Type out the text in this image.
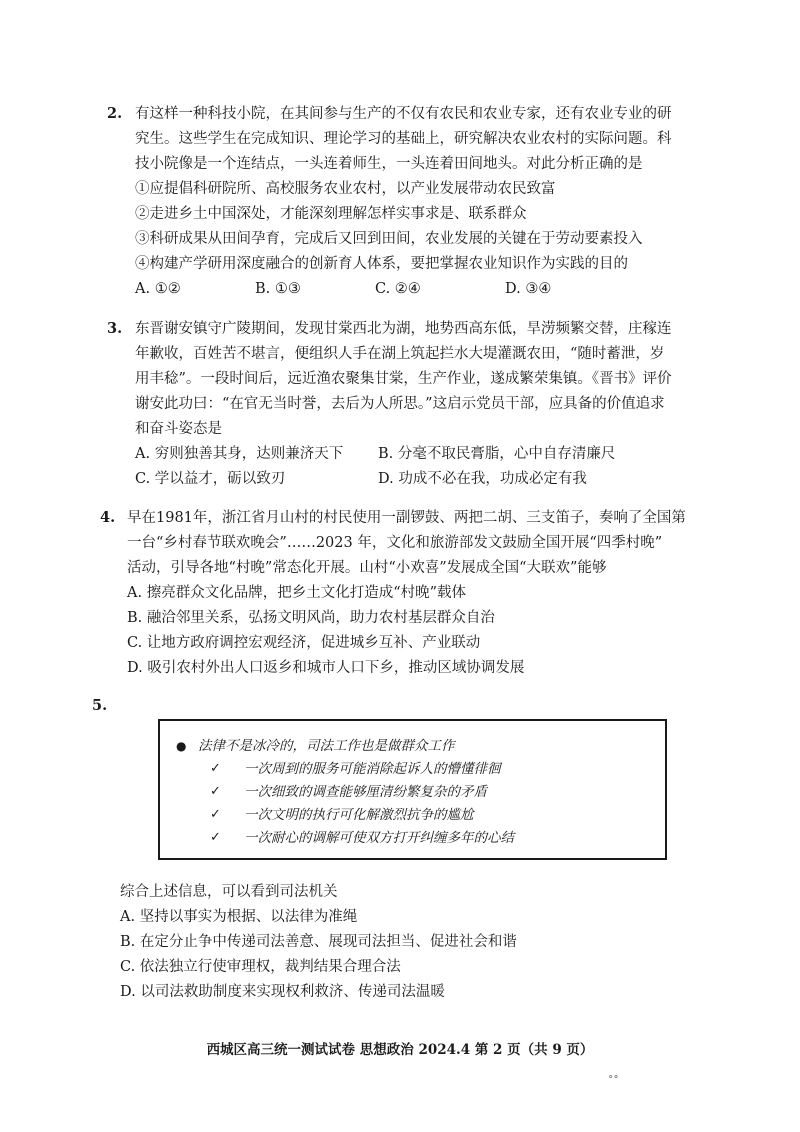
2. 有这样一种科技小院，在其间参与生产的不仅有农民和农业专家，还有农业专业的研
究生。这些学生在完成知识、理论学习的基础上，研究解决农业农村的实际问题。科
技小院像是一个连结点，一头连着师生，一头连着田间地头。对此分析正确的是
①应提倡科研院所、高校服务农业农村，以产业发展带动农民致富
②走进乡土中国深处，才能深刻理解怎样实事求是、联系群众
③科研成果从田间孕育，完成后又回到田间，农业发展的关键在于劳动要素投入
④构建产学研用深度融合的创新育人体系，要把掌握农业知识作为实践的目的
A. ①②	B. ①③	C. ②④	D. ③④
3. 东晋谢安镇守广陵期间，发现甘棠西北为湖，地势西高东低，旱涝频繁交替，庄稼连
年歉收，百姓苦不堪言，便组织人手在湖上筑起拦水大堤灌溉农田，“随时蓄泄，岁
用丰稔”。一段时间后，远近渔农聚集甘棠，生产作业，遂成繁荣集镇。《晋书》评价
谢安此功曰：“在官无当时誉，去后为人所思。”这启示党员干部，应具备的价值追求
和奋斗姿态是
A. 穷则独善其身，达则兼济天下 B. 分毫不取民膏脂，心中自存清廉尺
C. 学以益才，砺以致刃	D. 功成不必在我，功成必定有我
4. 早在1981年，浙江省月山村的村民使用一副锣鼓、两把二胡、三支笛子，奏响了全国第
一台“乡村春节联欢晚会”……2023 年，文化和旅游部发文鼓励全国开展“四季村晚”
活动，引导各地“村晚”常态化开展。山村“小欢喜”发展成全国“大联欢”能够
A. 擦亮群众文化品牌，把乡土文化打造成“村晚”载体
B. 融洽邻里关系，弘扬文明风尚，助力农村基层群众自治
C. 让地方政府调控宏观经济，促进城乡互补、产业联动
D. 吸引农村外出人口返乡和城市人口下乡，推动区域协调发展
5.
● 法律不是冰冷的，司法工作也是做群众工作
✓ 一次周到的服务可能消除起诉人的懵懂徘徊
✓ 一次细致的调查能够厘清纷繁复杂的矛盾
✓ 一次文明的执行可化解激烈抗争的尴尬
✓ 一次耐心的调解可使双方打开纠缠多年的心结
综合上述信息，可以看到司法机关
A. 坚持以事实为根据、以法律为准绳
B. 在定分止争中传递司法善意、展现司法担当、促进社会和谐
C. 依法独立行使审理权，裁判结果合理合法
D. 以司法救助制度来实现权利救济、传递司法温暖
西城区高三统一测试试卷 思想政治 2024.4 第 2 页（共 9 页）
∘∘
